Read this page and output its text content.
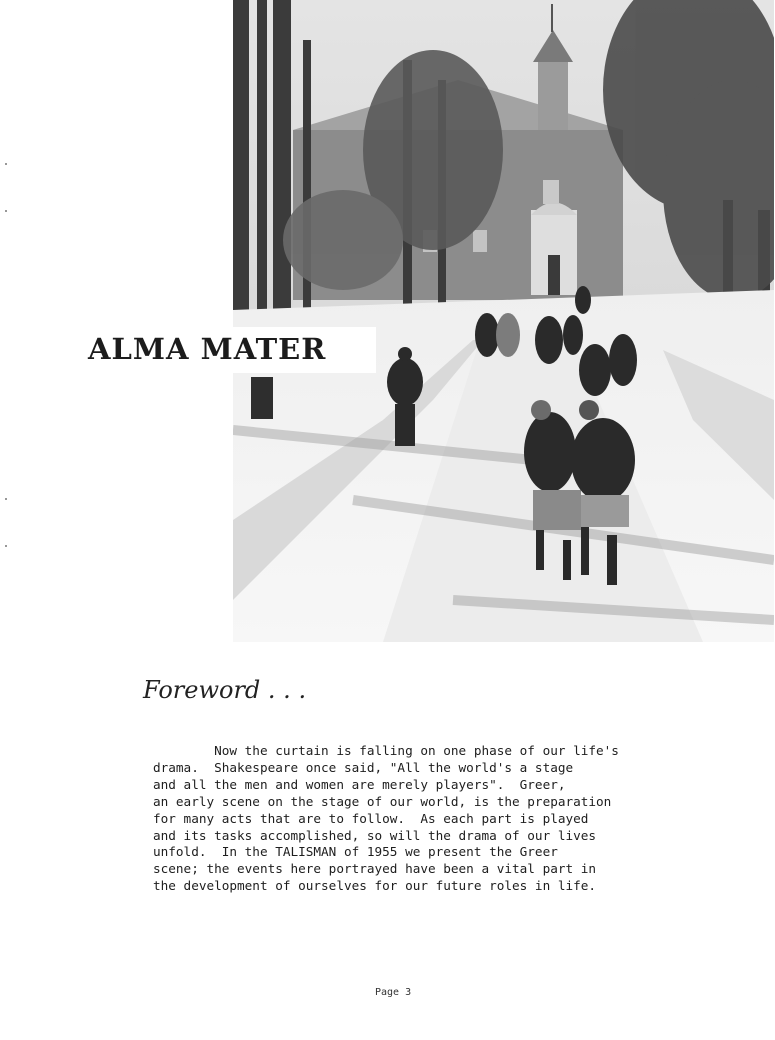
ALMA MATER
Foreword . . .

Now the curtain is falling on one phase of our life's

drama.  Shakespeare once said, "All the world's a stage

and all the men and women are merely players".  Greer,

an early scene on the stage of our world, is the preparation

for many acts that are to follow.  As each part is played

and its tasks accomplished, so will the drama of our lives

unfold.  In the TALISMAN of 1955 we present the Greer

scene; the events here portrayed have been a vital part in

the development of ourselves for our future roles in life.

Page 3
